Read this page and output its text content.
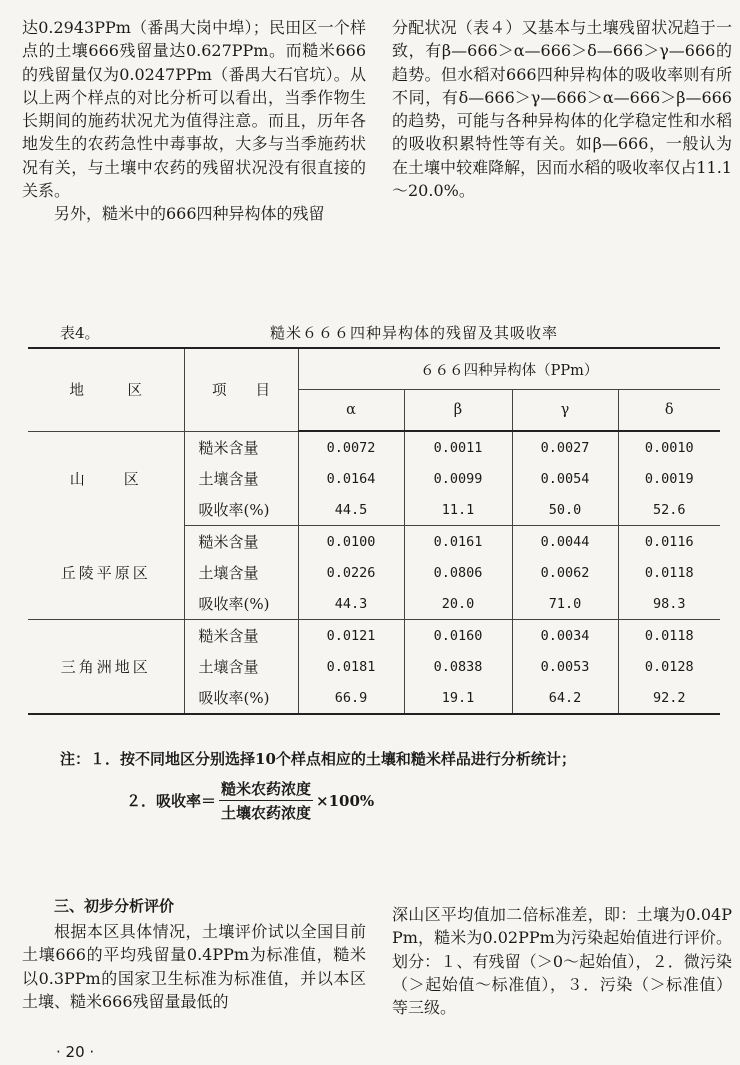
达0.2943PPm（番禺大岗中埠）；民田区一个样点的土壤666残留量达0.627PPm。而糙米666的残留量仅为0.0247PPm（番禺大石官坑）。从以上两个样点的对比分析可以看出，当季作物生长期间的施药状况尤为值得注意。而且，历年各地发生的农药急性中毒事故，大多与当季施药状况有关，与土壤中农药的残留状况没有很直接的关系。

另外，糙米中的666四种异构体的残留

分配状况（表４）又基本与土壤残留状况趋于一致，有β—666＞α—666＞δ—666＞γ—666的趋势。但水稻对666四种异构体的吸收率则有所不同，有δ—666＞γ—666＞α—666＞β—666的趋势，可能与各种异构体的化学稳定性和水稻的吸收积累特性等有关。如β—666，一般认为在土壤中较难降解，因而水稻的吸收率仅占11.1～20.0%。

表4。	糙米６６６四种异构体的残留及其吸收率
地　　　区	项　　目	６６６四种异构体（PPm）			
		α	β	γ	δ
山　　区	糙米含量	0.0072	0.0011	0.0027	0.0010
	土壤含量	0.0164	0.0099	0.0054	0.0019
	吸收率(%)	44.5	11.1	50.0	52.6
丘陵平原区	糙米含量	0.0100	0.0161	0.0044	0.0116
	土壤含量	0.0226	0.0806	0.0062	0.0118
	吸收率(%)	44.3	20.0	71.0	98.3
三角洲地区	糙米含量	0.0121	0.0160	0.0034	0.0118
	土壤含量	0.0181	0.0838	0.0053	0.0128
	吸收率(%)	66.9	19.1	64.2	92.2
注：１．按不同地区分别选择10个样点相应的土壤和糙米样品进行分析统计；
２．吸收率＝ $\frac{\text{糙米农药浓度}}{\text{土壤农药浓度}} \times 100\%$
三、初步分析评价

根据本区具体情况，土壤评价试以全国目前土壤666的平均残留量0.4PPm为标准值，糙米以0.3PPm的国家卫生标准为标准值，并以本区土壤、糙米666残留量最低的

深山区平均值加二倍标准差，即：土壤为0.04PPm，糙米为0.02PPm为污染起始值进行评价。划分：１、有残留（＞0～起始值），２．微污染（＞起始值～标准值），３．污染（＞标准值）等三级。

· 20 ·
